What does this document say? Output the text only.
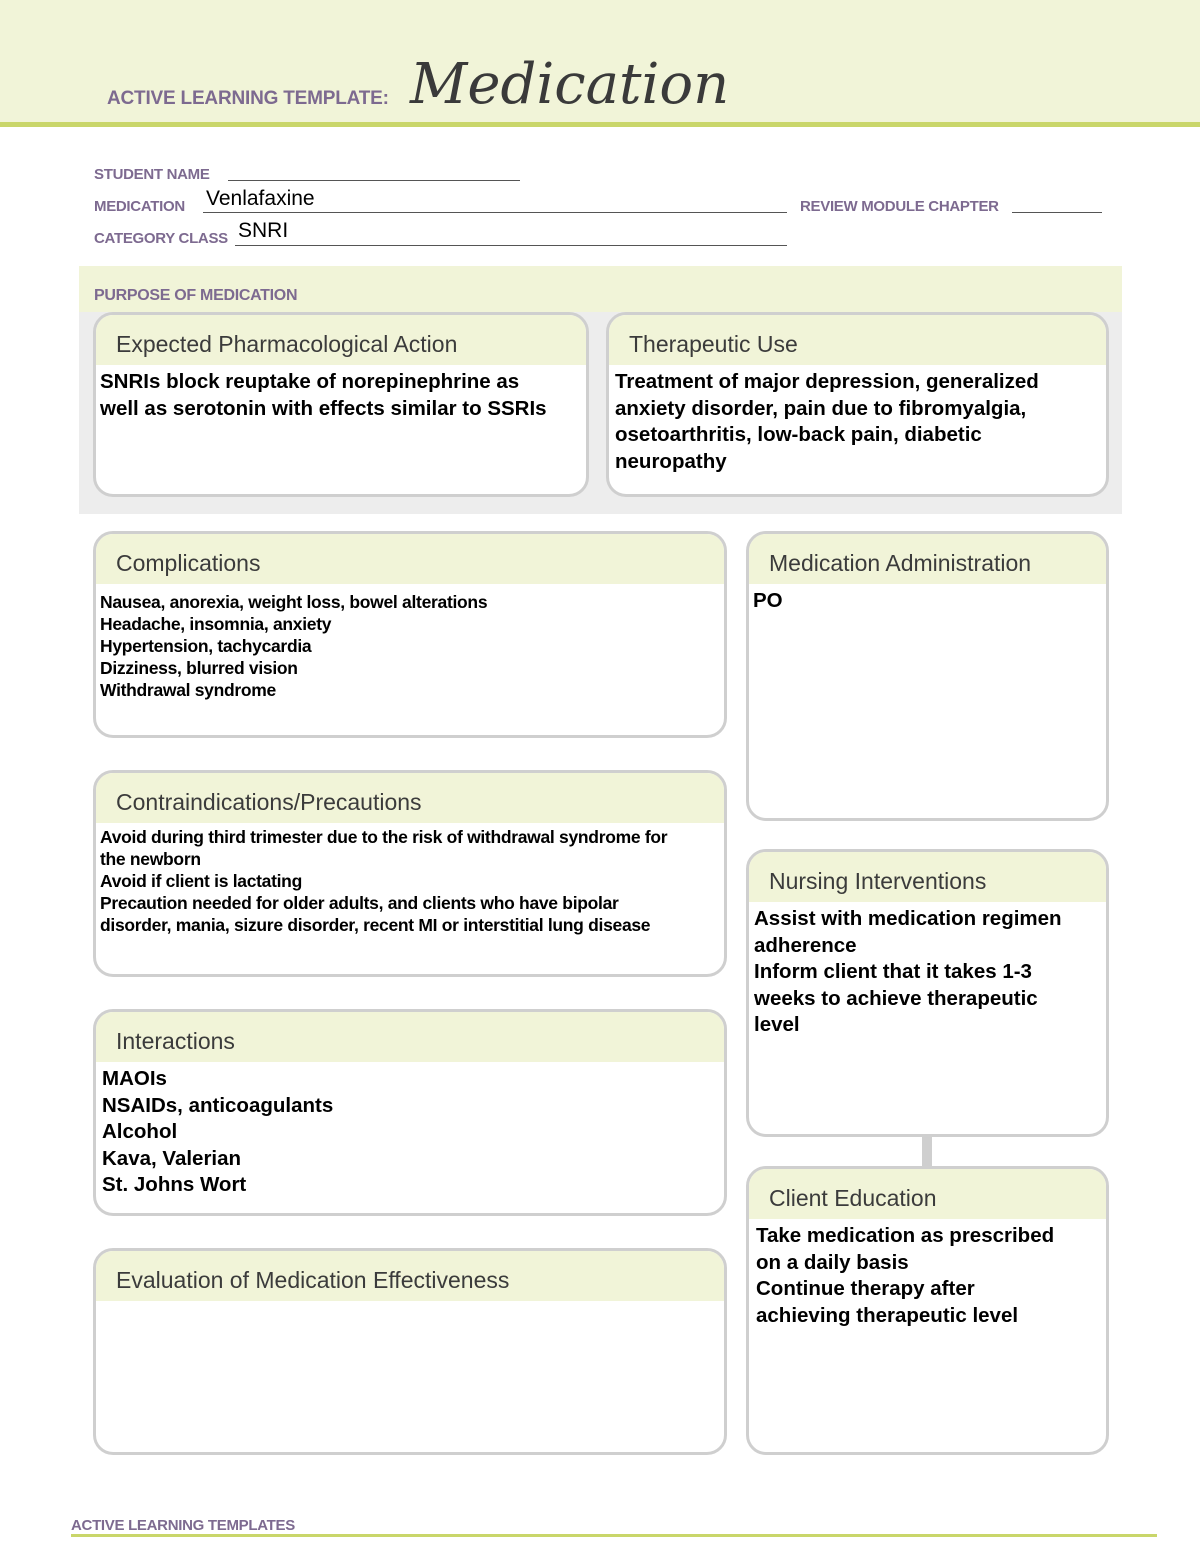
ACTIVE LEARNING TEMPLATE: Medication
STUDENT NAME
MEDICATION Venlafaxine	REVIEW MODULE CHAPTER
CATEGORY CLASS SNRI
PURPOSE OF MEDICATION
Expected Pharmacological Action
SNRIs block reuptake of norepinephrine as
well as serotonin with effects similar to SSRIs
Therapeutic Use
Treatment of major depression, generalized
anxiety disorder, pain due to fibromyalgia,
osetoarthritis, low-back pain, diabetic
neuropathy
Complications
Nausea, anorexia, weight loss, bowel alterations
Headache, insomnia, anxiety
Hypertension, tachycardia
Dizziness, blurred vision
Withdrawal syndrome
Contraindications/Precautions
Avoid during third trimester due to the risk of withdrawal syndrome for
the newborn
Avoid if client is lactating
Precaution needed for older adults, and clients who have bipolar
disorder, mania, sizure disorder, recent MI or interstitial lung disease
Interactions
MAOIs
NSAIDs, anticoagulants
Alcohol
Kava, Valerian
St. Johns Wort
Evaluation of Medication Effectiveness
Medication Administration
PO
Nursing Interventions
Assist with medication regimen
adherence
Inform client that it takes 1-3
weeks to achieve therapeutic
level
Client Education
Take medication as prescribed
on a daily basis
Continue therapy after
achieving therapeutic level
ACTIVE LEARNING TEMPLATES
